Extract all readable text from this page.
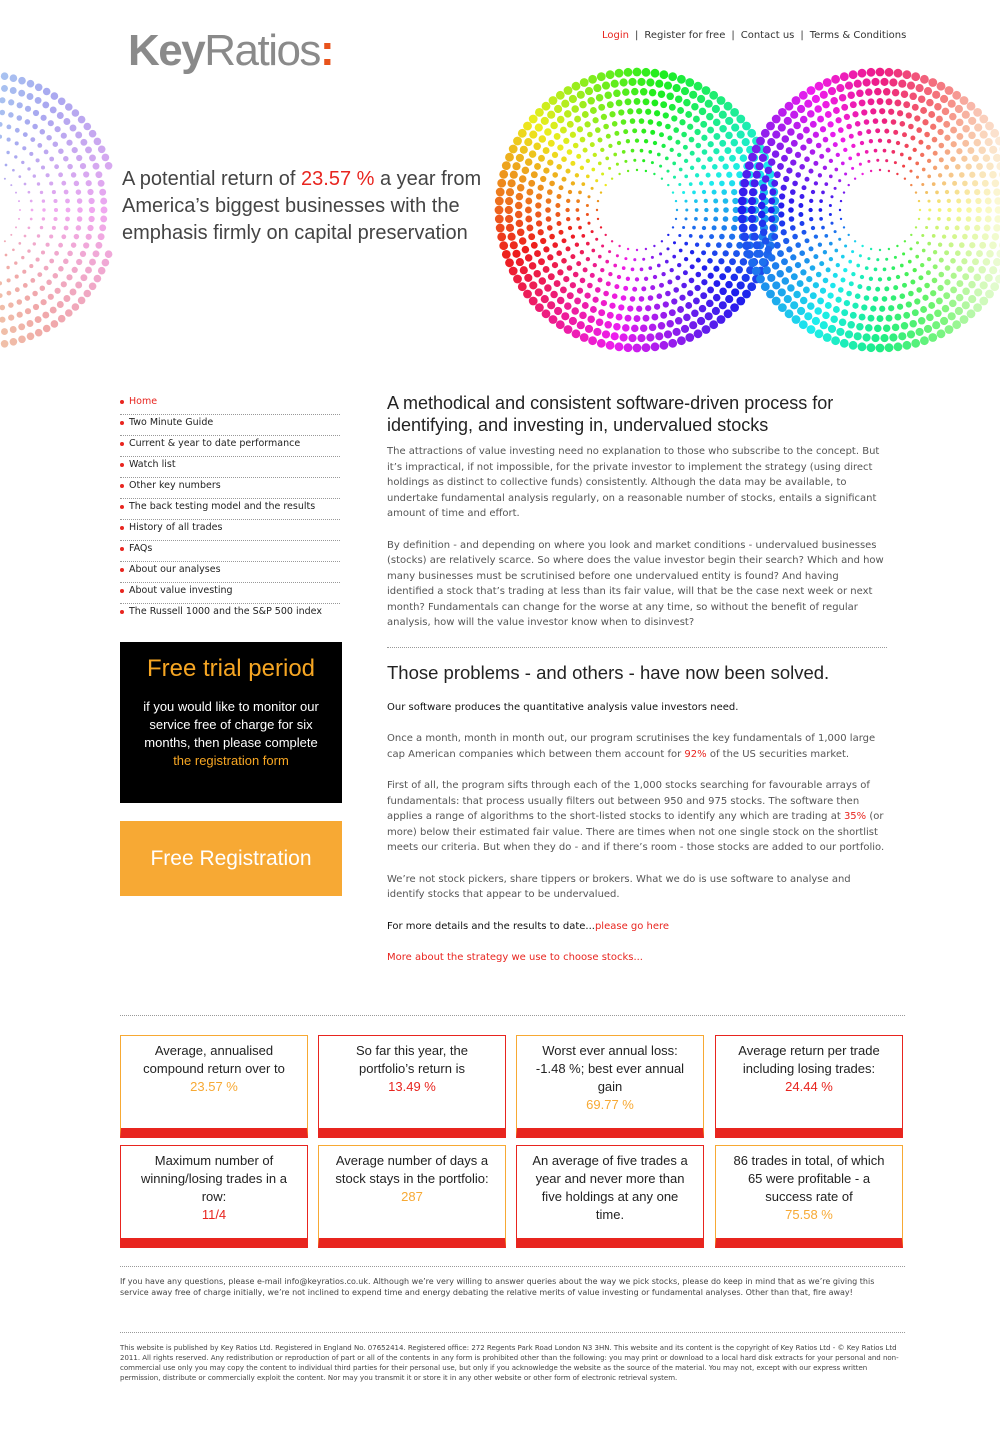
KeyRatios:	Login | Register for free | Contact us | Terms & Conditions
A potential return of 23.57 % a year from America’s biggest businesses with the emphasis firmly on capital preservation
Home
Two Minute Guide
Current & year to date performance
Watch list
Other key numbers
The back testing model and the results
History of all trades
FAQs
About our analyses
About value investing
The Russell 1000 and the S&P 500 index
Free trial period
if you would like to monitor our service free of charge for six months, then please complete the registration form
Free Registration
A methodical and consistent software-driven process for identifying, and investing in, undervalued stocks

The attractions of value investing need no explanation to those who subscribe to the concept. But it’s impractical, if not impossible, for the private investor to implement the strategy (using direct holdings as distinct to collective funds) consistently. Although the data may be available, to undertake fundamental analysis regularly, on a reasonable number of stocks, entails a significant amount of time and effort.

By definition - and depending on where you look and market conditions - undervalued businesses (stocks) are relatively scarce. So where does the value investor begin their search? Which and how many businesses must be scrutinised before one undervalued entity is found? And having identified a stock that’s trading at less than its fair value, will that be the case next week or next month? Fundamentals can change for the worse at any time, so without the benefit of regular analysis, how will the value investor know when to disinvest?

Those problems - and others - have now been solved.

Our software produces the quantitative analysis value investors need.

Once a month, month in month out, our program scrutinises the key fundamentals of 1,000 large cap American companies which between them account for 92% of the US securities market.

First of all, the program sifts through each of the 1,000 stocks searching for favourable arrays of fundamentals: that process usually filters out between 950 and 975 stocks. The software then applies a range of algorithms to the short-listed stocks to identify any which are trading at 35% (or more) below their estimated fair value. There are times when not one single stock on the shortlist meets our criteria. But when they do - and if there’s room - those stocks are added to our portfolio.

We’re not stock pickers, share tippers or brokers. What we do is use software to analyse and identify stocks that appear to be undervalued.

For more details and the results to date...please go here

More about the strategy we use to choose stocks...

Average, annualised compound return over to
23.57 %
So far this year, the portfolio’s return is
13.49 %
Worst ever annual loss: -1.48 %; best ever annual gain
69.77 %
Average return per trade including losing trades:
24.44 %
Maximum number of winning/losing trades in a row:
11/4
Average number of days a stock stays in the portfolio:
287
An average of five trades a year and never more than five holdings at any one time.
86 trades in total, of which 65 were profitable - a success rate of
75.58 %
If you have any questions, please e-mail info@keyratios.co.uk. Although we’re very willing to answer queries about the way we pick stocks, please do keep in mind that as we’re giving this service away free of charge initially, we’re not inclined to expend time and energy debating the relative merits of value investing or fundamental analyses. Other than that, fire away!
This website is published by Key Ratios Ltd. Registered in England No. 07652414. Registered office: 272 Regents Park Road London N3 3HN. This website and its content is the copyright of Key Ratios Ltd - © Key Ratios Ltd 2011. All rights reserved. Any redistribution or reproduction of part or all of the contents in any form is prohibited other than the following: you may print or download to a local hard disk extracts for your personal and non-commercial use only you may copy the content to individual third parties for their personal use, but only if you acknowledge the website as the source of the material. You may not, except with our express written permission, distribute or commercially exploit the content. Nor may you transmit it or store it in any other website or other form of electronic retrieval system.
